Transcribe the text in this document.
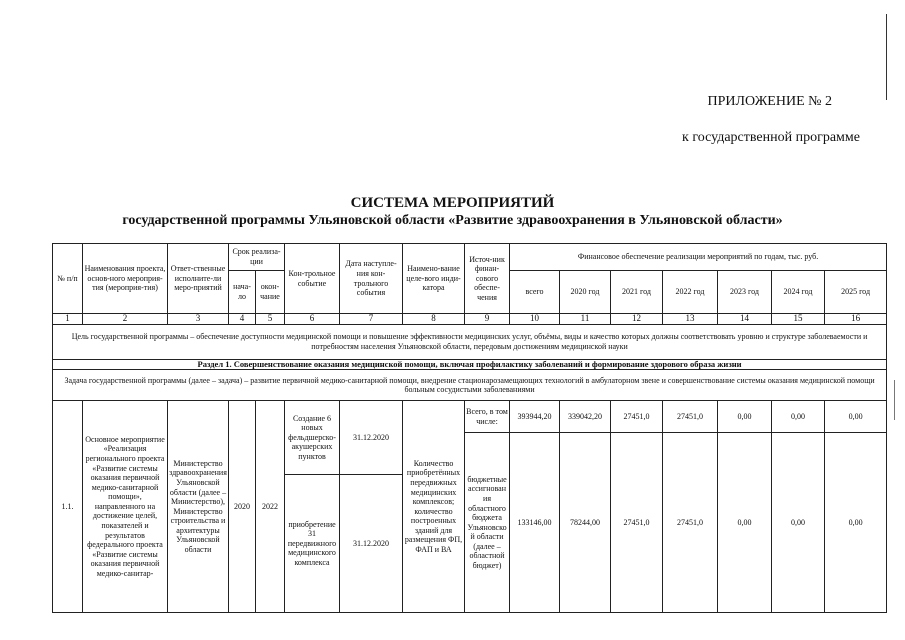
ПРИЛОЖЕНИЕ № 2
к государственной программе
СИСТЕМА МЕРОПРИЯТИЙ
государственной программы Ульяновской области «Развитие здравоохранения в Ульяновской области»
№ п/п	Наименования проекта, основ-ного мероприя-тия (мероприя-тия)	Ответ-ственные исполните-ли меро-приятий	Срок реализа-ции		Кон-трольное событие	Дата наступле-ния кон-трольного события	Наимено-вание целе-вого инди-катора	Источ-ник финан-сового обеспе-чения	Финансовое обеспечение реализации мероприятий по годам, тыс. руб.						
			нача-ло	окон-чание					всего	2020 год	2021 год	2022 год	2023 год	2024 год	2025 год
1	2	3	4	5	6	7	8	9	10	11	12	13	14	15	16
Цель государственной программы – обеспечение доступности медицинской помощи и повышение эффективности медицинских услуг, объёмы, виды и качество которых должны соответствовать уровню и структуре заболеваемости и потребностям населения Ульяновской области, передовым достижениям медицинской науки															
Раздел 1. Совершенствование оказания медицинской помощи, включая профилактику заболеваний и формирование здорового образа жизни															
Задача государственной программы (далее – задача) – развитие первичной медико-санитарной помощи, внедрение стационарозамещающих технологий в амбулаторном звене и совершенствование системы оказания медицинской помощи больным сосудистыми заболеваниями															
1.1.	Основное мероприятие «Реализация регионального проекта «Развитие системы оказания первичной медико-санитарной помощи», направленного на достижение целей, показателей и результатов федерального проекта «Развитие системы оказания первичной медико-санитар-	Министерство здравоохранения Ульяновской области (далее – Министерство), Министерство строительства и архитектуры Ульяновской области	2020	2022	Создание 6 новых фельдшерско-акушерских пунктов	31.12.2020	Количество приобретённых передвижных медицинских комплексов; количество построенных зданий для размещения ФП, ФАП и ВА	Всего, в том числе:	393944,20	339042,20	27451,0	27451,0	0,00	0,00	0,00
								бюджетные ассигнования областного бюджета Ульяновской области (далее – областной бюджет)	133146,00	78244,00	27451,0	27451,0	0,00	0,00	0,00
					приобретение 31 передвижного медицинского комплекса	31.12.2020									
